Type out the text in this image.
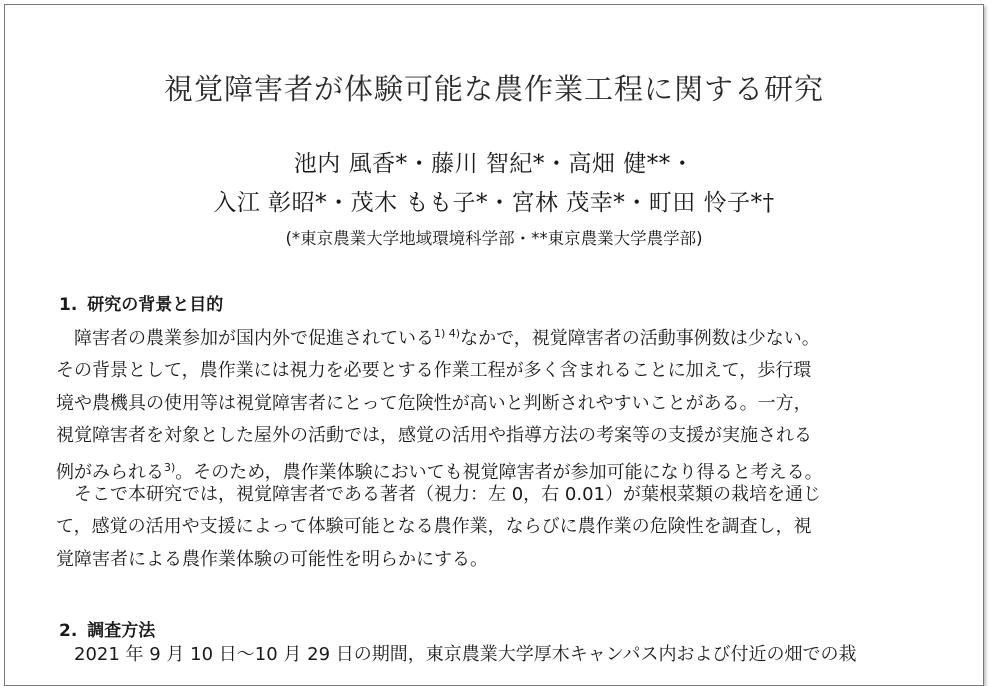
視覚障害者が体験可能な農作業工程に関する研究
池内 風香*・藤川 智紀*・高畑 健**・
入江 彰昭*・茂木 もも子*・宮林 茂幸*・町田 怜子*†
(*東京農業大学地域環境科学部・**東京農業大学農学部)
1. 研究の背景と目的
　障害者の農業参加が国内外で促進されている$^{1) 4)}$なかで，視覚障害者の活動事例数は少ない。
その背景として，農作業には視力を必要とする作業工程が多く含まれることに加えて，歩行環
境や農機具の使用等は視覚障害者にとって危険性が高いと判断されやすいことがある。一方，
視覚障害者を対象とした屋外の活動では，感覚の活用や指導方法の考案等の支援が実施される
例がみられる$^{3)}$。そのため，農作業体験においても視覚障害者が参加可能になり得ると考える。
　そこで本研究では，視覚障害者である著者（視力：左 0，右 0.01）が葉根菜類の栽培を通じ
て，感覚の活用や支援によって体験可能となる農作業，ならびに農作業の危険性を調査し，視
覚障害者による農作業体験の可能性を明らかにする。
2. 調査方法
　2021 年 9 月 10 日～10 月 29 日の期間，東京農業大学厚木キャンパス内および付近の畑での栽
